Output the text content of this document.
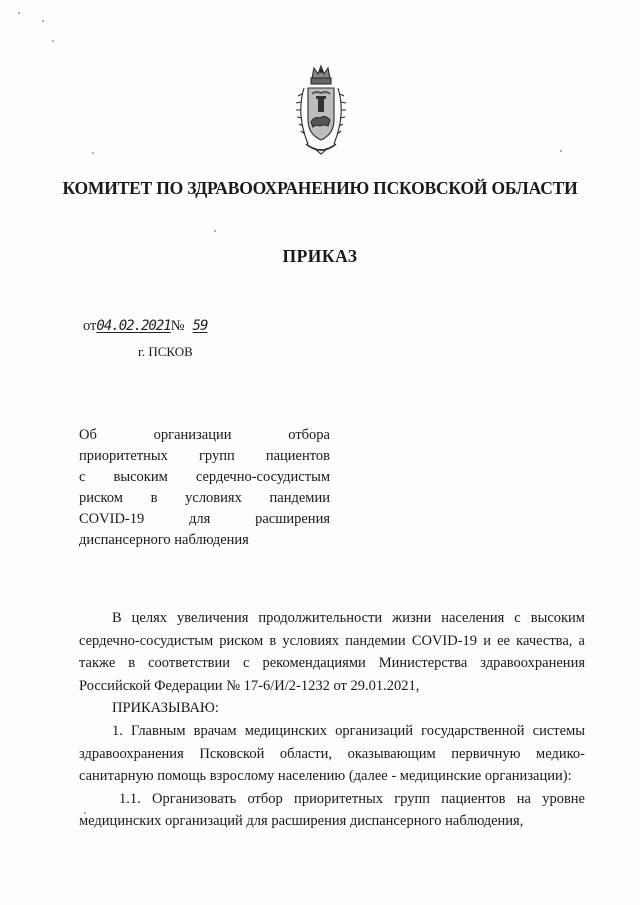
КОМИТЕТ ПО ЗДРАВООХРАНЕНИЮ ПСКОВСКОЙ ОБЛАСТИ
ПРИКАЗ
от04.02.2021№ 59
г. ПСКОВ
Об организации отбора
приоритетных групп пациентов
с высоким сердечно-сосудистым
риском в условиях пандемии
COVID-19 для расширения
диспансерного наблюдения

В целях увеличения продолжительности жизни населения с высоким сердечно-сосудистым риском в условиях пандемии COVID-19 и ее качества, а также в соответствии с рекомендациями Министерства здравоохранения Российской Федерации № 17-6/И/2-1232 от 29.01.2021,

ПРИКАЗЫВАЮ:

1. Главным врачам медицинских организаций государственной системы здравоохранения Псковской области, оказывающим первичную медико-санитарную помощь взрослому населению (далее - медицинские организации):

1.1. Организовать отбор приоритетных групп пациентов на уровне медицинских организаций для расширения диспансерного наблюдения,
